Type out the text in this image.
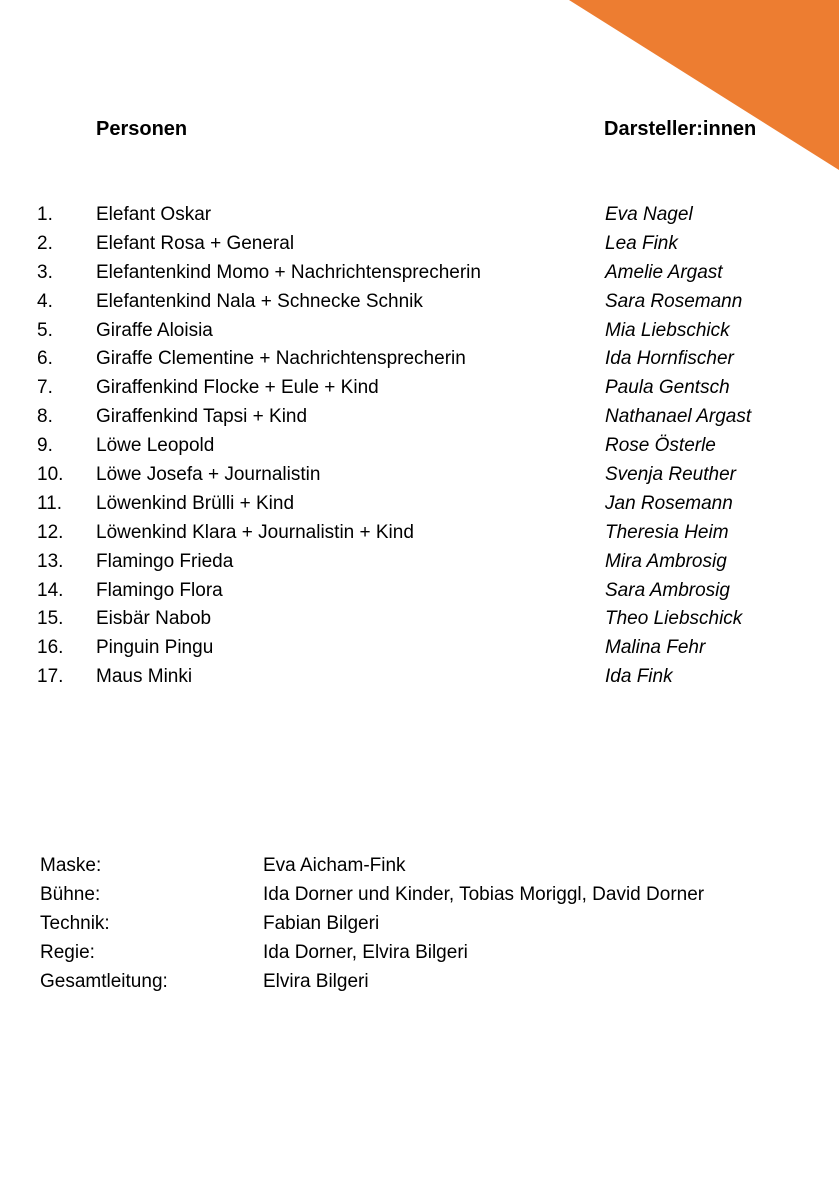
Personen	Darsteller:innen
1. Elefant Oskar	Eva Nagel
2. Elefant Rosa + General	Lea Fink
3. Elefantenkind Momo + Nachrichtensprecherin	Amelie Argast
4. Elefantenkind Nala + Schnecke Schnik	Sara Rosemann
5. Giraffe Aloisia	Mia Liebschick
6. Giraffe Clementine + Nachrichtensprecherin	Ida Hornfischer
7. Giraffenkind Flocke + Eule + Kind	Paula Gentsch
8. Giraffenkind Tapsi + Kind	Nathanael Argast
9. Löwe Leopold	Rose Österle
10. Löwe Josefa + Journalistin	Svenja Reuther
11. Löwenkind Brülli + Kind	Jan Rosemann
12. Löwenkind Klara + Journalistin + Kind	Theresia Heim
13. Flamingo Frieda	Mira Ambrosig
14. Flamingo Flora	Sara Ambrosig
15. Eisbär Nabob	Theo Liebschick
16. Pinguin Pingu	Malina Fehr
17. Maus Minki	Ida Fink
Maske:	Eva Aicham-Fink
Bühne:	Ida Dorner und Kinder, Tobias Moriggl, David Dorner
Technik:	Fabian Bilgeri
Regie:	Ida Dorner, Elvira Bilgeri
Gesamtleitung:	Elvira Bilgeri
